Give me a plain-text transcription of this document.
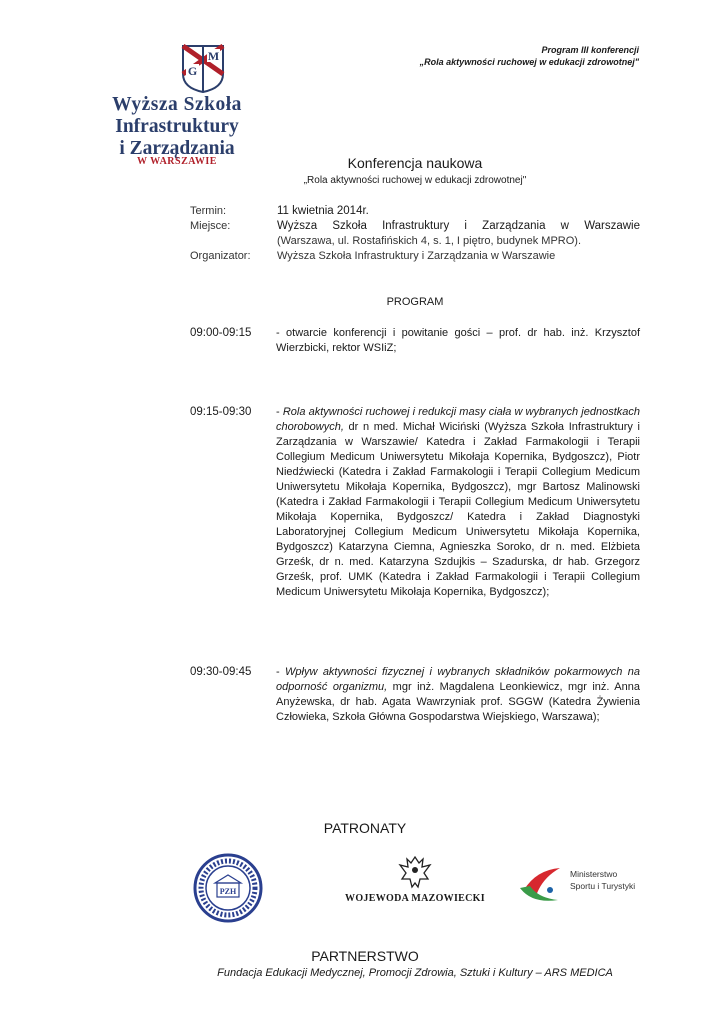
M
G
Wyższa Szkoła
Infrastruktury
i Zarządzania
W WARSZAWIE
Program III konferencji
„Rola aktywności ruchowej w edukacji zdrowotnej"
Konferencja naukowa
„Rola aktywności ruchowej w edukacji zdrowotnej"
Termin:	11 kwietnia 2014r.
Miejsce:	Wyższa Szkoła Infrastruktury i Zarządzania w Warszawie
(Warszawa, ul. Rostafińskich 4, s. 1, I piętro, budynek MPRO).
Organizator:	Wyższa Szkoła Infrastruktury i Zarządzania w Warszawie
PROGRAM
09:00-09:15	- otwarcie konferencji i powitanie gości – prof. dr hab. inż. Krzysztof Wierzbicki, rektor WSIiZ;
09:15-09:30	- Rola aktywności ruchowej i redukcji masy ciała w wybranych jednostkach chorobowych, dr n med. Michał Wiciński (Wyższa Szkoła Infrastruktury i Zarządzania w Warszawie/ Katedra i Zakład Farmakologii i Terapii Collegium Medicum Uniwersytetu Mikołaja Kopernika, Bydgoszcz), Piotr Niedźwiecki (Katedra i Zakład Farmakologii i Terapii Collegium Medicum Uniwersytetu Mikołaja Kopernika, Bydgoszcz), mgr Bartosz Malinowski (Katedra i Zakład Farmakologii i Terapii Collegium Medicum Uniwersytetu Mikołaja Kopernika, Bydgoszcz/ Katedra i Zakład Diagnostyki Laboratoryjnej Collegium Medicum Uniwersytetu Mikołaja Kopernika, Bydgoszcz) Katarzyna Ciemna, Agnieszka Soroko, dr n. med. Elżbieta Grześk, dr n. med. Katarzyna Szdujkis – Szadurska, dr hab. Grzegorz Grześk, prof. UMK (Katedra i Zakład Farmakologii i Terapii Collegium Medicum Uniwersytetu Mikołaja Kopernika, Bydgoszcz);
09:30-09:45	- Wpływ aktywności fizycznej i wybranych składników pokarmowych na odporność organizmu, mgr inż. Magdalena Leonkiewicz, mgr inż. Anna Anyżewska, dr hab. Agata Wawrzyniak prof. SGGW (Katedra Żywienia Człowieka, Szkoła Główna Gospodarstwa Wiejskiego, Warszawa);
PATRONATY
PZH
WOJEWODA MAZOWIECKI
Ministerstwo
Sportu i Turystyki
PARTNERSTWO
Fundacja Edukacji Medycznej, Promocji Zdrowia, Sztuki i Kultury – ARS MEDICA
